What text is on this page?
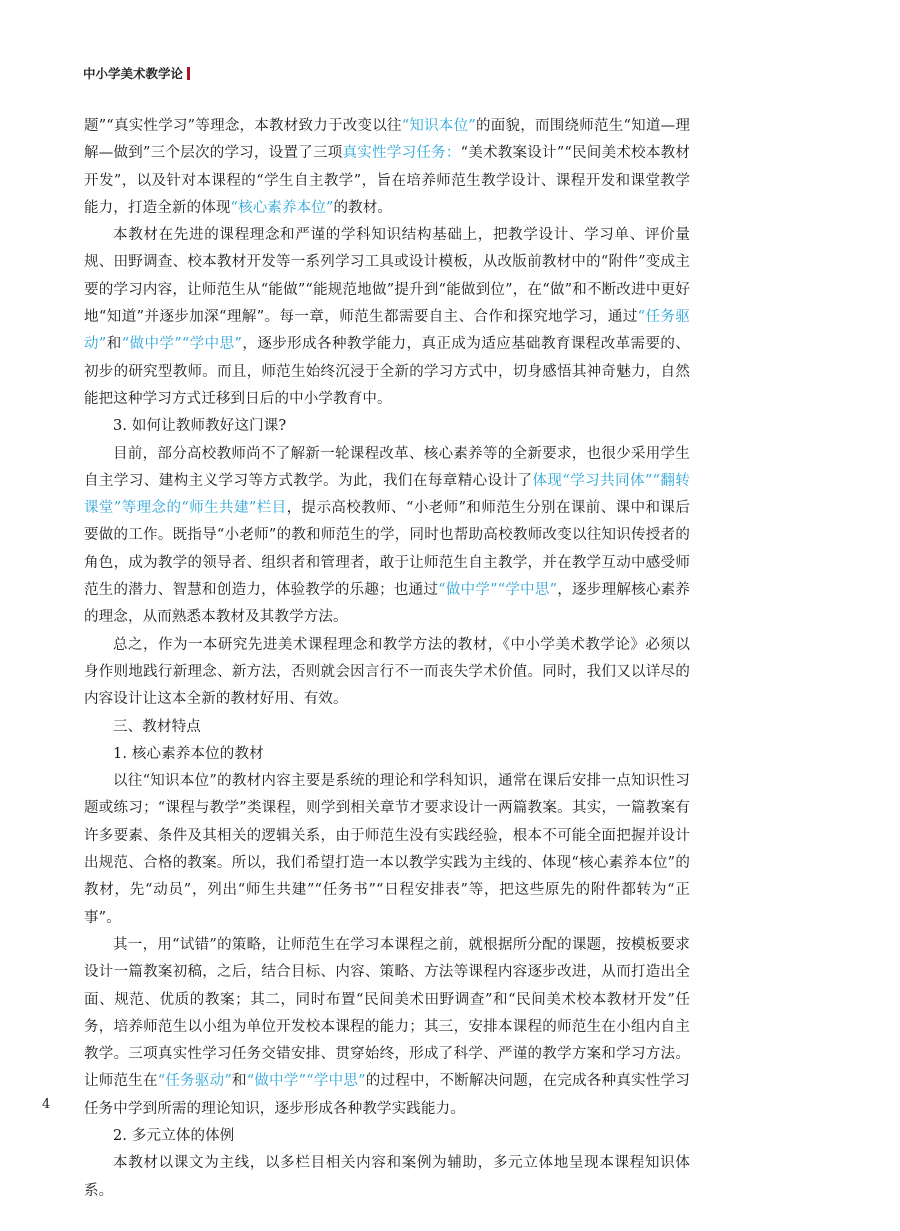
中小学美术教学论

题”“真实性学习”等理念，本教材致力于改变以往“知识本位”的面貌，而围绕师范生“知道—理解—做到”三个层次的学习，设置了三项真实性学习任务：“美术教案设计”“民间美术校本教材开发”，以及针对本课程的“学生自主教学”，旨在培养师范生教学设计、课程开发和课堂教学能力，打造全新的体现“核心素养本位”的教材。

本教材在先进的课程理念和严谨的学科知识结构基础上，把教学设计、学习单、评价量规、田野调查、校本教材开发等一系列学习工具或设计模板，从改版前教材中的“附件”变成主要的学习内容，让师范生从“能做”“能规范地做”提升到“能做到位”，在“做”和不断改进中更好地“知道”并逐步加深“理解”。每一章，师范生都需要自主、合作和探究地学习，通过“任务驱动”和“做中学”“学中思”，逐步形成各种教学能力，真正成为适应基础教育课程改革需要的、初步的研究型教师。而且，师范生始终沉浸于全新的学习方式中，切身感悟其神奇魅力，自然能把这种学习方式迁移到日后的中小学教育中。

3. 如何让教师教好这门课?

目前，部分高校教师尚不了解新一轮课程改革、核心素养等的全新要求，也很少采用学生自主学习、建构主义学习等方式教学。为此，我们在每章精心设计了体现“学习共同体”“翻转课堂”等理念的“师生共建”栏目，提示高校教师、“小老师”和师范生分别在课前、课中和课后要做的工作。既指导“小老师”的教和师范生的学，同时也帮助高校教师改变以往知识传授者的角色，成为教学的领导者、组织者和管理者，敢于让师范生自主教学，并在教学互动中感受师范生的潜力、智慧和创造力，体验教学的乐趣；也通过“做中学”“学中思”，逐步理解核心素养的理念，从而熟悉本教材及其教学方法。

总之，作为一本研究先进美术课程理念和教学方法的教材，《中小学美术教学论》必须以身作则地践行新理念、新方法，否则就会因言行不一而丧失学术价值。同时，我们又以详尽的内容设计让这本全新的教材好用、有效。

三、教材特点

1. 核心素养本位的教材

以往“知识本位”的教材内容主要是系统的理论和学科知识，通常在课后安排一点知识性习题或练习；“课程与教学”类课程，则学到相关章节才要求设计一两篇教案。其实，一篇教案有许多要素、条件及其相关的逻辑关系，由于师范生没有实践经验，根本不可能全面把握并设计出规范、合格的教案。所以，我们希望打造一本以教学实践为主线的、体现“核心素养本位”的教材，先“动员”，列出“师生共建”“任务书”“日程安排表”等，把这些原先的附件都转为“正事”。

其一，用“试错”的策略，让师范生在学习本课程之前，就根据所分配的课题，按模板要求设计一篇教案初稿，之后，结合目标、内容、策略、方法等课程内容逐步改进，从而打造出全面、规范、优质的教案；其二，同时布置“民间美术田野调查”和“民间美术校本教材开发”任务，培养师范生以小组为单位开发校本课程的能力；其三，安排本课程的师范生在小组内自主教学。三项真实性学习任务交错安排、贯穿始终，形成了科学、严谨的教学方案和学习方法。让师范生在“任务驱动”和“做中学”“学中思”的过程中，不断解决问题，在完成各种真实性学习任务中学到所需的理论知识，逐步形成各种教学实践能力。

2. 多元立体的体例

本教材以课文为主线，以多栏目相关内容和案例为辅助，多元立体地呈现本课程知识体系。

4
